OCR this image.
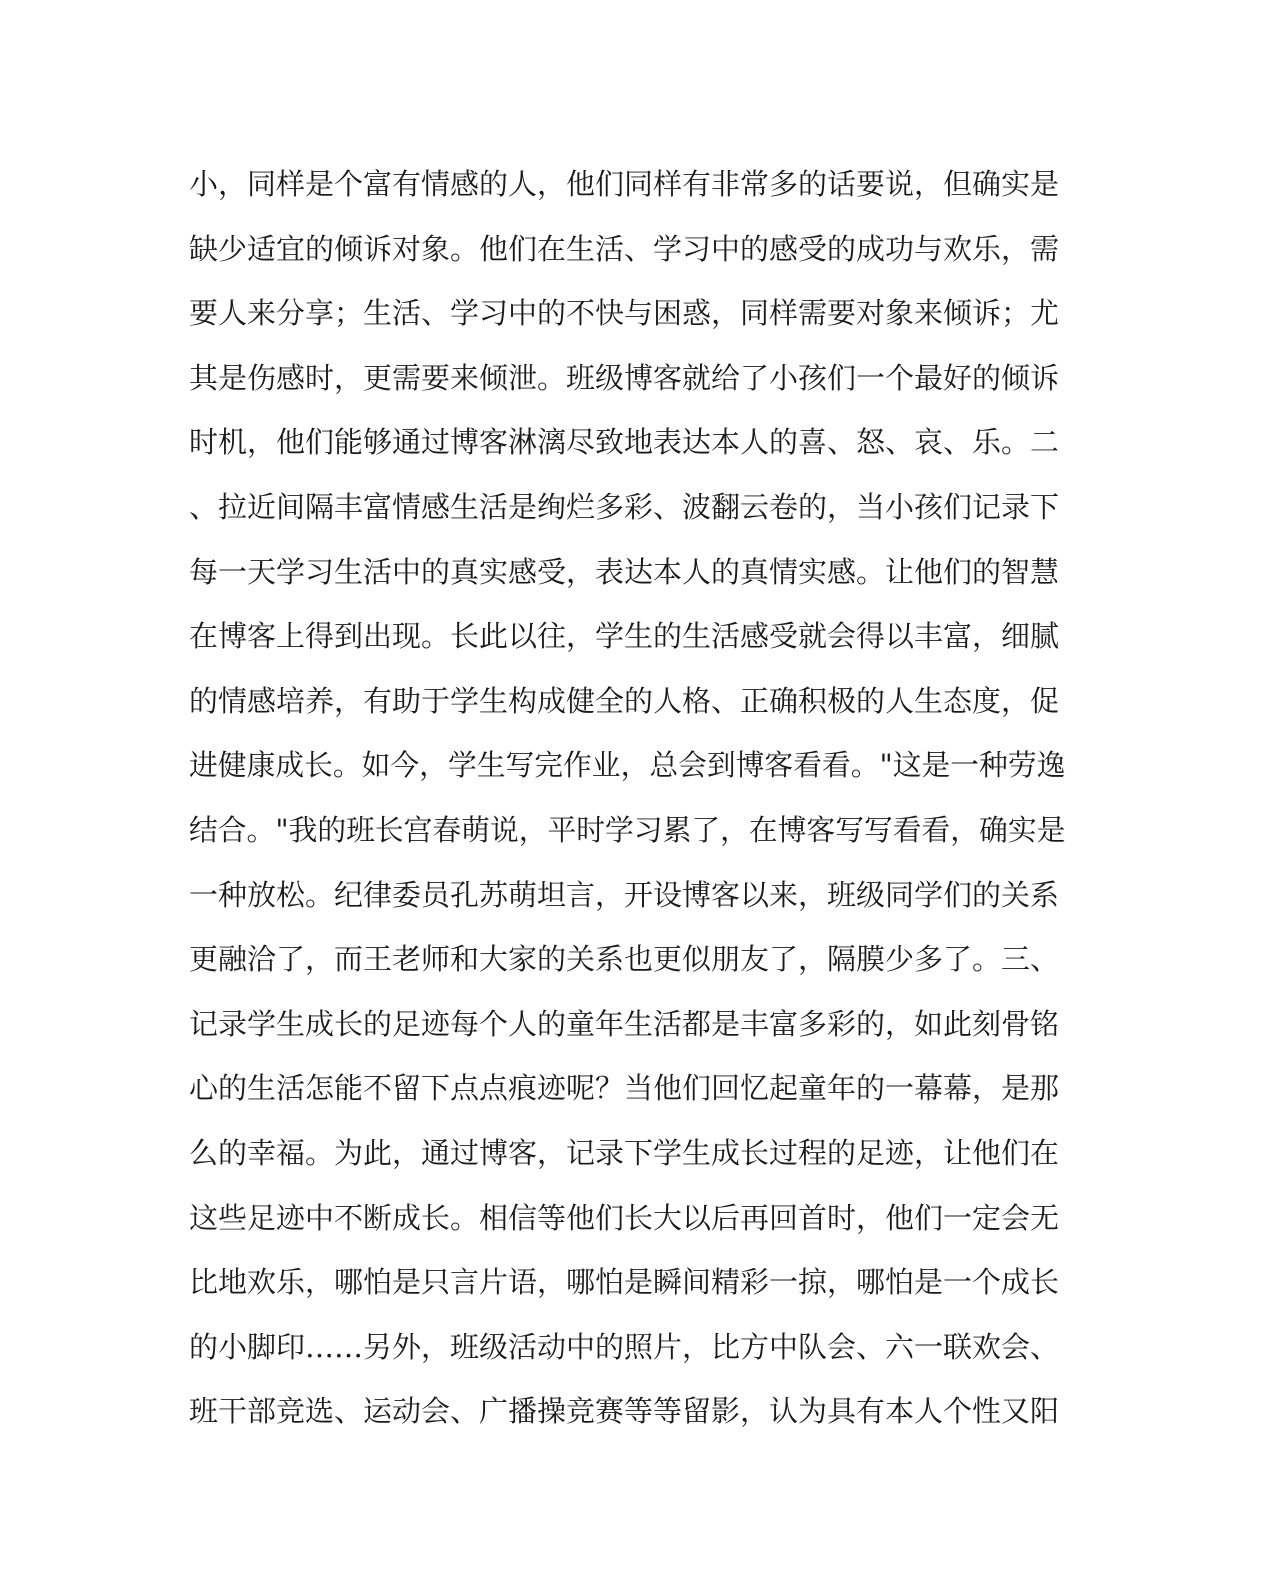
小，同样是个富有情感的人，他们同样有非常多的话要说，但确实是
缺少适宜的倾诉对象。他们在生活、学习中的感受的成功与欢乐，需
要人来分享；生活、学习中的不快与困惑，同样需要对象来倾诉；尤
其是伤感时，更需要来倾泄。班级博客就给了小孩们一个最好的倾诉
时机，他们能够通过博客淋漓尽致地表达本人的喜、怒、哀、乐。二
、拉近间隔丰富情感生活是绚烂多彩、波翻云卷的，当小孩们记录下
每一天学习生活中的真实感受，表达本人的真情实感。让他们的智慧
在博客上得到出现。长此以往，学生的生活感受就会得以丰富，细腻
的情感培养，有助于学生构成健全的人格、正确积极的人生态度，促
进健康成长。如今，学生写完作业，总会到博客看看。"这是一种劳逸
结合。"我的班长宫春萌说，平时学习累了，在博客写写看看，确实是
一种放松。纪律委员孔苏萌坦言，开设博客以来，班级同学们的关系
更融洽了，而王老师和大家的关系也更似朋友了，隔膜少多了。三、
记录学生成长的足迹每个人的童年生活都是丰富多彩的，如此刻骨铭
心的生活怎能不留下点点痕迹呢？当他们回忆起童年的一幕幕，是那
么的幸福。为此，通过博客，记录下学生成长过程的足迹，让他们在
这些足迹中不断成长。相信等他们长大以后再回首时，他们一定会无
比地欢乐，哪怕是只言片语，哪怕是瞬间精彩一掠，哪怕是一个成长
的小脚印……另外，班级活动中的照片，比方中队会、六一联欢会、
班干部竞选、运动会、广播操竞赛等等留影，认为具有本人个性又阳
